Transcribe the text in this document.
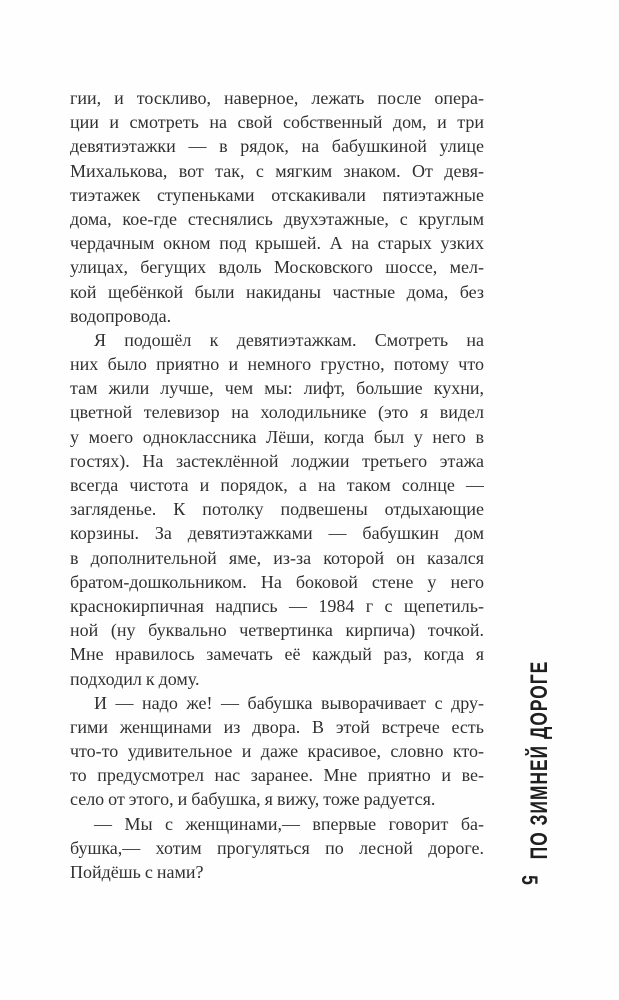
гии, и тоскливо, наверное, лежать после опера-
ции и смотреть на свой собственный дом, и три
девятиэтажки — в рядок, на бабушкиной улице
Михалькова, вот так, с мягким знаком. От девя-
тиэтажек ступеньками отскакивали пятиэтажные
дома, кое-где стеснялись двухэтажные, с круглым
чердачным окном под крышей. А на старых узких
улицах, бегущих вдоль Московского шоссе, мел-
кой щебёнкой были накиданы частные дома, без
водопровода.
Я подошёл к девятиэтажкам. Смотреть на
них было приятно и немного грустно, потому что
там жили лучше, чем мы: лифт, большие кухни,
цветной телевизор на холодильнике (это я видел
у моего одноклассника Лёши, когда был у него в
гостях). На застеклённой лоджии третьего этажа
всегда чистота и порядок, а на таком солнце —
загляденье. К потолку подвешены отдыхающие
корзины. За девятиэтажками — бабушкин дом
в дополнительной яме, из-за которой он казался
братом-дошкольником. На боковой стене у него
краснокирпичная надпись — 1984 г с щепетиль-
ной (ну буквально четвертинка кирпича) точкой.
Мне нравилось замечать её каждый раз, когда я
подходил к дому.
И — надо же! — бабушка выворачивает с дру-
гими женщинами из двора. В этой встрече есть
что-то удивительное и даже красивое, словно кто-
то предусмотрел нас заранее. Мне приятно и ве-
село от этого, и бабушка, я вижу, тоже радуется.
— Мы с женщинами,— впервые говорит ба-
бушка,— хотим прогуляться по лесной дороге.
Пойдёшь с нами?
ПО ЗИМНЕЙ ДОРОГЕ
5
